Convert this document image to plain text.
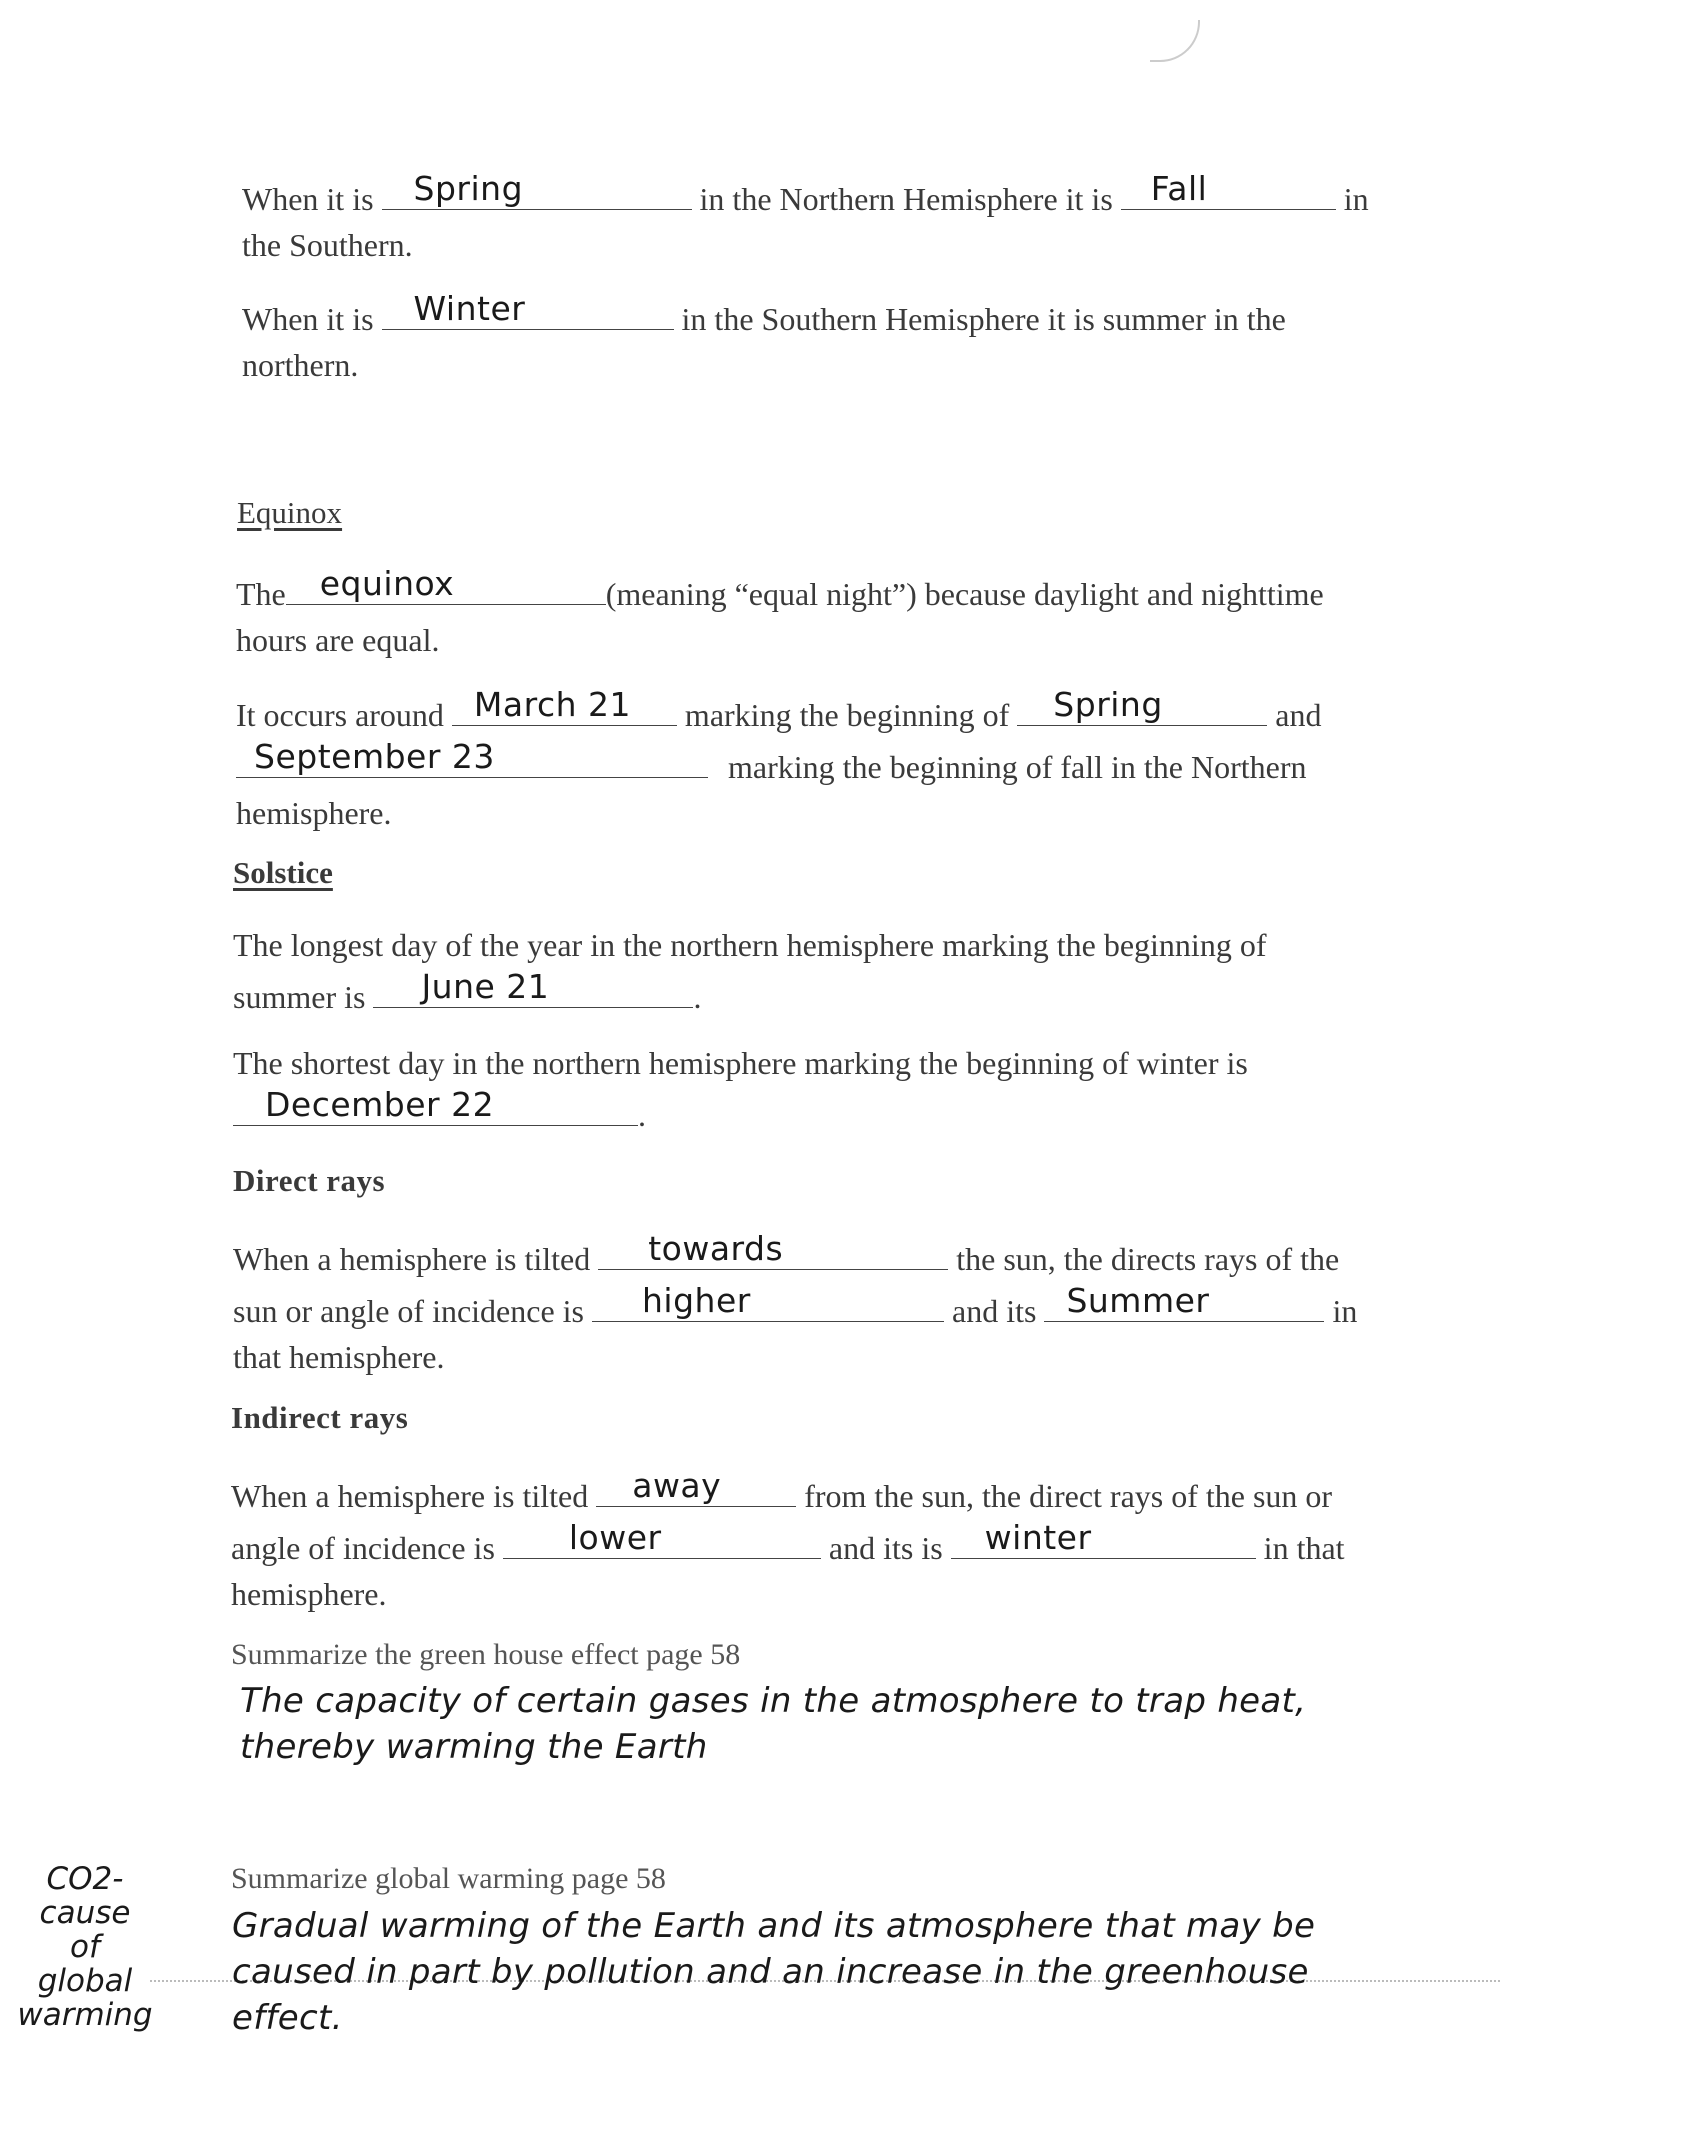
When it is Spring	in the Northern Hemisphere it is Fall	in

the Southern.

When it is Winter	in the Southern Hemisphere it is summer in the

northern.

Equinox

The equinox	(meaning “equal night”) because daylight and nighttime

hours are equal.

It occurs around March 21 marking the beginning of Spring	and

September 23	marking the beginning of fall in the Northern

hemisphere.

Solstice

The longest day of the year in the northern hemisphere marking the beginning of

summer is June 21	.

The shortest day in the northern hemisphere marking the beginning of winter is

December 22	.

Direct rays

When a hemisphere is tilted towards	the sun, the directs rays of the

sun or angle of incidence is higher	and its Summer	in

that hemisphere.

Indirect rays

When a hemisphere is tilted away	from the sun, the direct rays of the sun or

angle of incidence is lower	and its is winter	in that

hemisphere.

Summarize the green house effect page 58
The capacity of certain gases in the atmosphere to trap heat,
thereby warming the Earth
Summarize global warming page 58
Gradual warming of the Earth and its atmosphere that may be
caused in part by pollution and an increase in the greenhouse
effect.
CO2-
cause
of
global
warming
